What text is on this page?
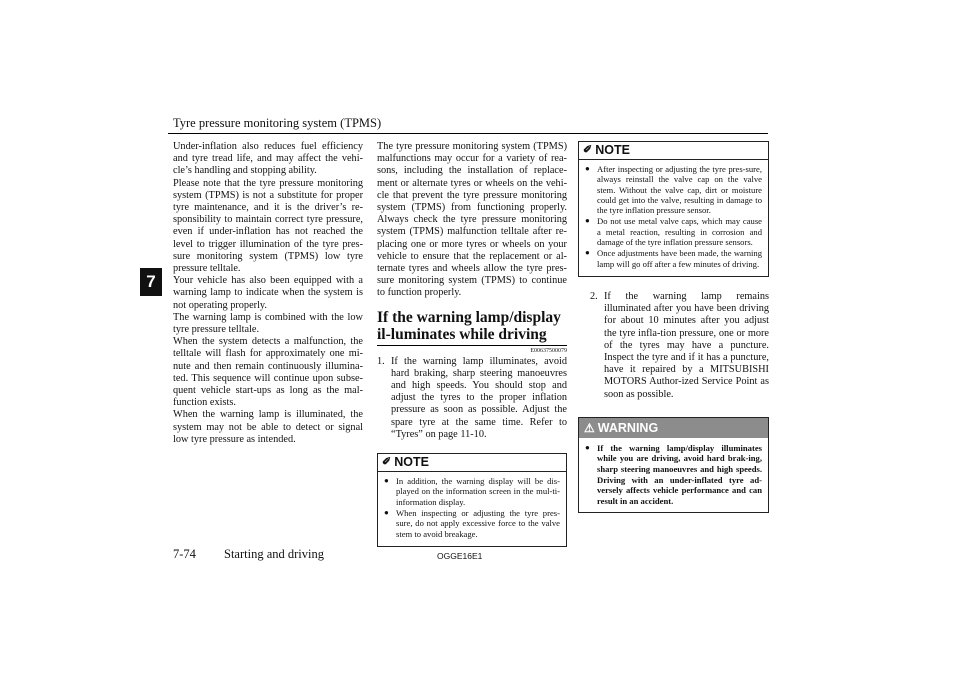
Tyre pressure monitoring system (TPMS)
7

Under-inflation also reduces fuel efficiency and tyre tread life, and may affect the vehi-cle’s handling and stopping ability.

Please note that the tyre pressure monitoring system (TPMS) is not a substitute for proper tyre maintenance, and it is the driver’s re-sponsibility to maintain correct tyre pressure, even if under-inflation has not reached the level to trigger illumination of the tyre pres-sure monitoring system (TPMS) low tyre pressure telltale.

Your vehicle has also been equipped with a warning lamp to indicate when the system is not operating properly.

The warning lamp is combined with the low tyre pressure telltale.

When the system detects a malfunction, the telltale will flash for approximately one mi-nute and then remain continuously illumina-ted. This sequence will continue upon subse-quent vehicle start-ups as long as the mal-function exists.

When the warning lamp is illuminated, the system may not be able to detect or signal low tyre pressure as intended.

The tyre pressure monitoring system (TPMS) malfunctions may occur for a variety of rea-sons, including the installation of replace-ment or alternate tyres or wheels on the vehi-cle that prevent the tyre pressure monitoring system (TPMS) from functioning properly. Always check the tyre pressure monitoring system (TPMS) malfunction telltale after re-placing one or more tyres or wheels on your vehicle to ensure that the replacement or al-ternate tyres and wheels allow the tyre pres-sure monitoring system (TPMS) to continue to function properly.

If the warning lamp/display il-luminates while driving
E00637500079
1. If the warning lamp illuminates, avoid hard braking, sharp steering manoeuvres and high speeds. You should stop and adjust the tyres to the proper inflation pressure as soon as possible. Adjust the spare tyre at the same time. Refer to “Tyres” on page 11-10.
✐ NOTE
● In addition, the warning display will be dis-played on the information screen in the mul-ti-information display.
● When inspecting or adjusting the tyre pres-sure, do not apply excessive force to the valve stem to avoid breakage.
✐ NOTE
● After inspecting or adjusting the tyre pres-sure, always reinstall the valve cap on the valve stem. Without the valve cap, dirt or moisture could get into the valve, resulting in damage to the tyre inflation pressure sensor.
● Do not use metal valve caps, which may cause a metal reaction, resulting in corrosion and damage of the tyre inflation pressure sensors.
● Once adjustments have been made, the warning lamp will go off after a few minutes of driving.
2. If the warning lamp remains illuminated after you have been driving for about 10 minutes after you adjust the tyre infla-tion pressure, one or more of the tyres may have a puncture. Inspect the tyre and if it has a puncture, have it repaired by a MITSUBISHI MOTORS Author-ized Service Point as soon as possible.
⚠ WARNING
● If the warning lamp/display illuminates while you are driving, avoid hard brak-ing, sharp steering manoeuvres and high speeds. Driving with an under-inflated tyre ad-versely affects vehicle performance and can result in an accident.
7-74 Starting and driving	OGGE16E1
